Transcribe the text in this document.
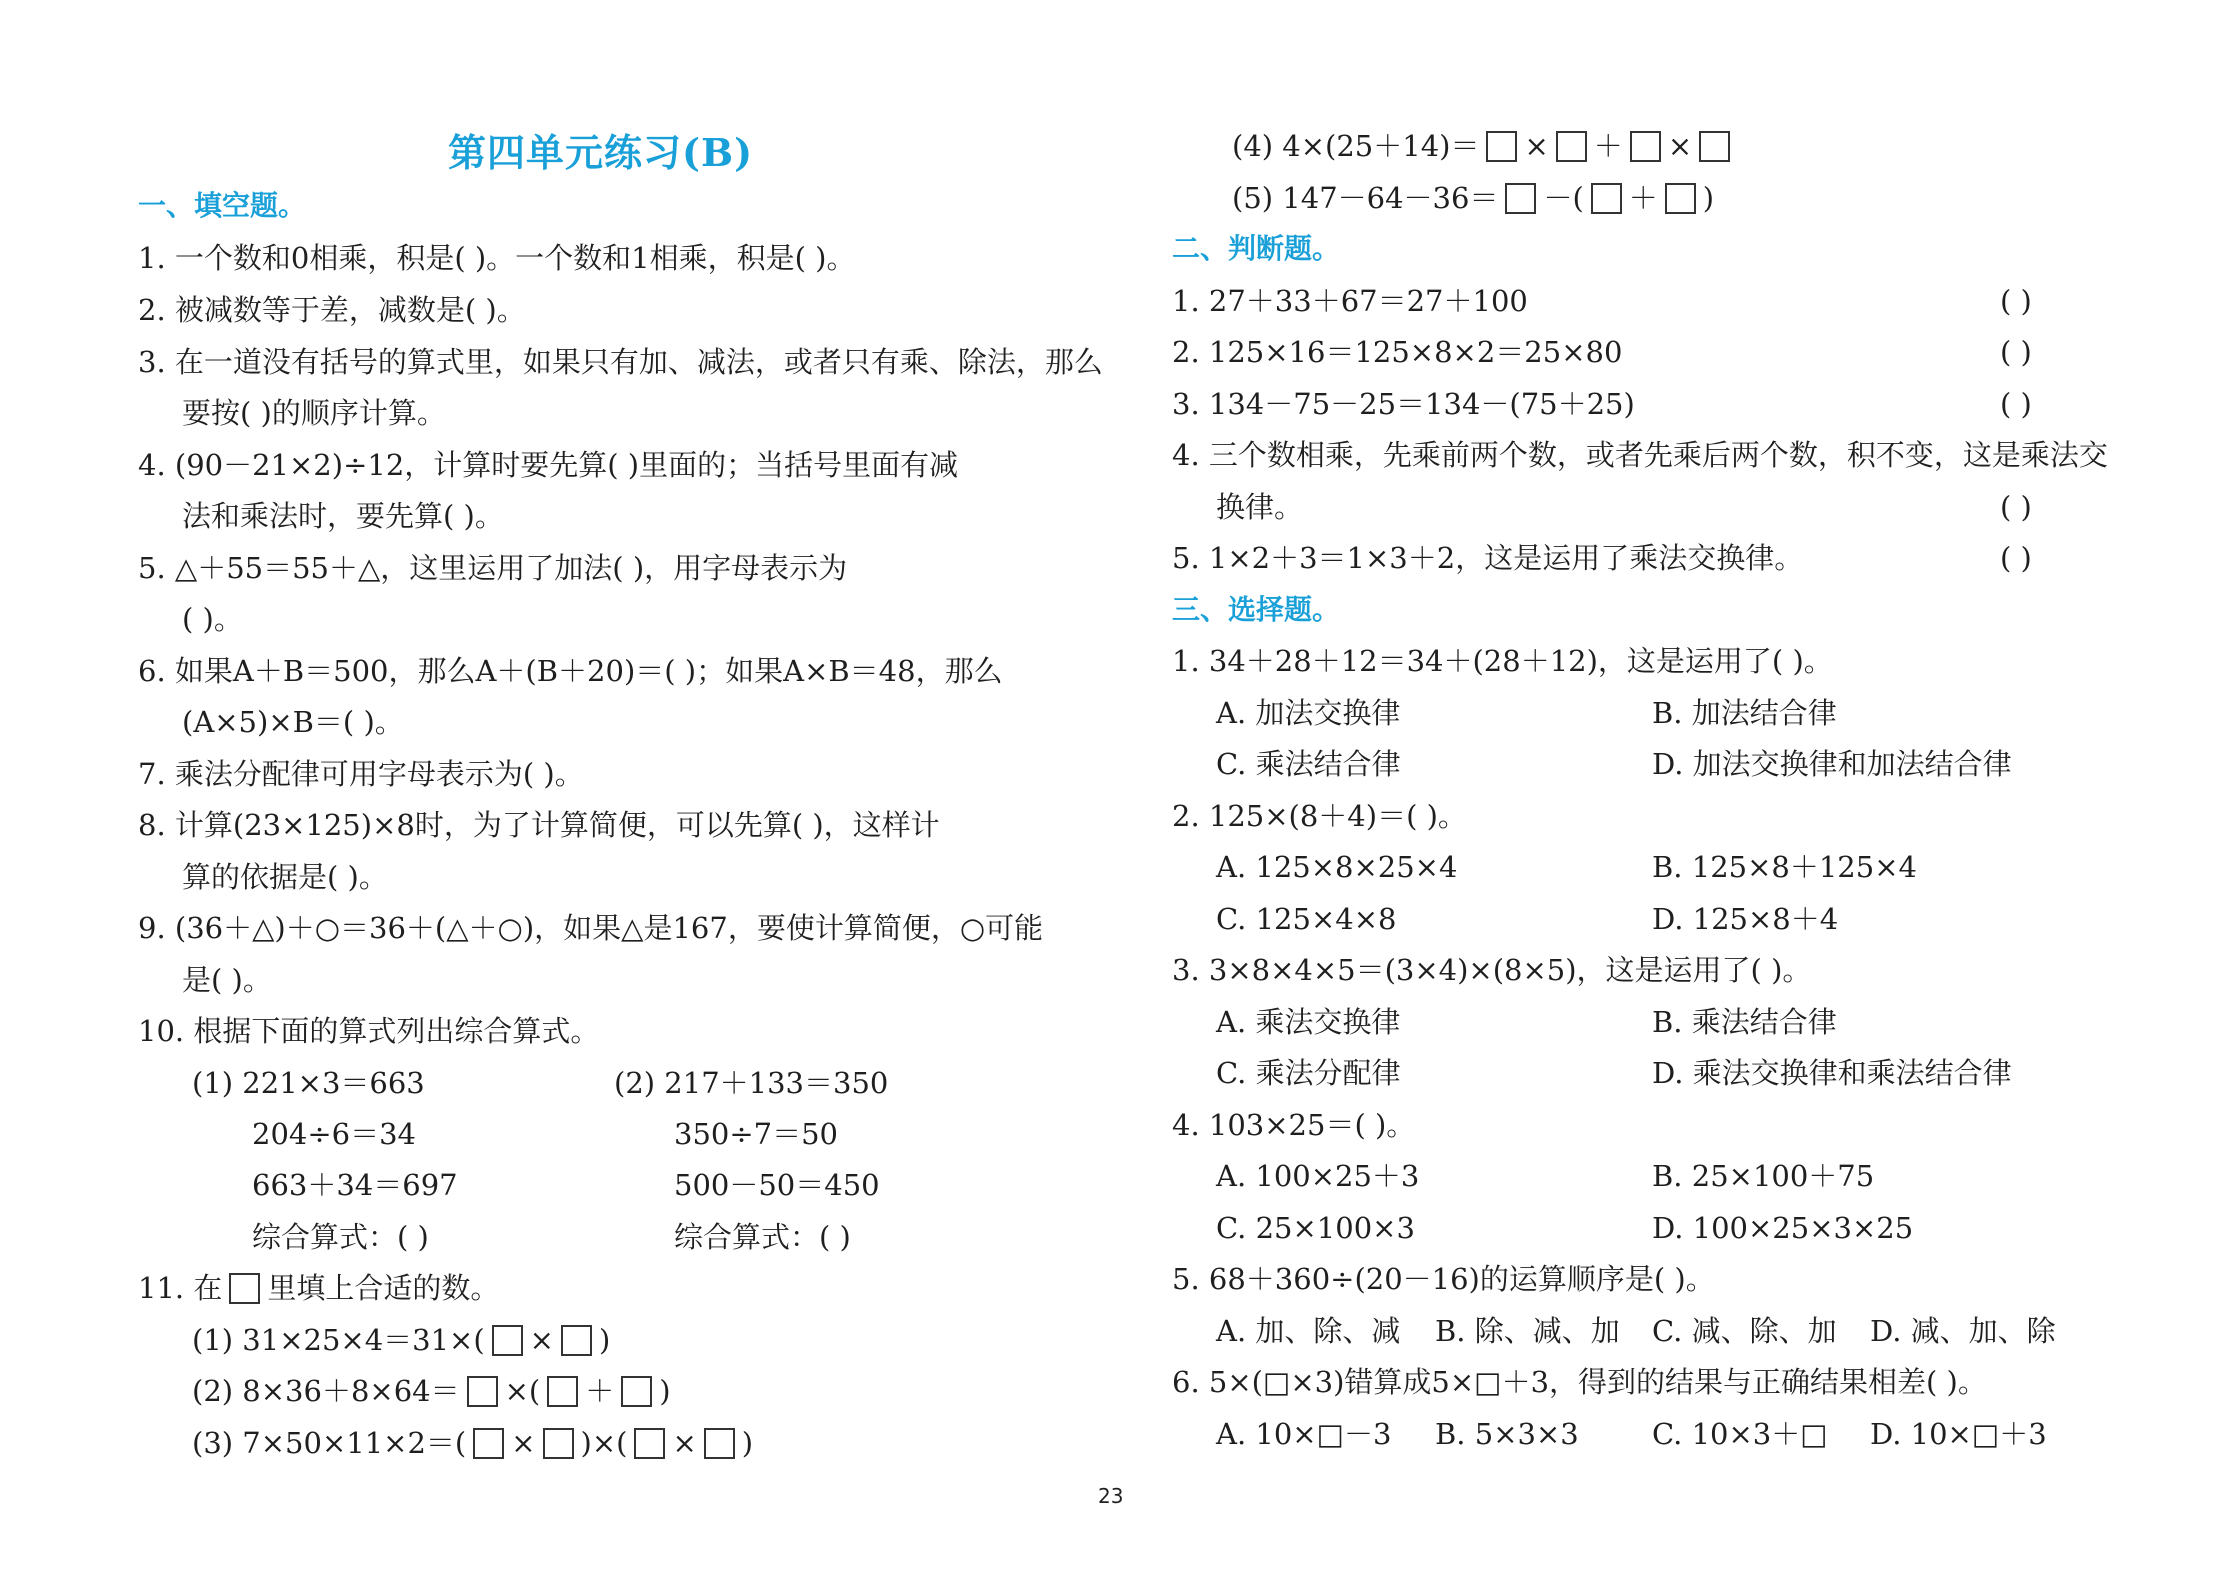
第四单元练习(B)
一、填空题。
1. 一个数和0相乘，积是( )。一个数和1相乘，积是( )。
2. 被减数等于差，减数是( )。
3. 在一道没有括号的算式里，如果只有加、减法，或者只有乘、除法，那么
要按( )的顺序计算。
4. (90－21×2)÷12，计算时要先算( )里面的；当括号里面有减
法和乘法时，要先算( )。
5. △＋55＝55＋△，这里运用了加法( )，用字母表示为
( )。
6. 如果A＋B＝500，那么A＋(B＋20)＝( )；如果A×B＝48，那么
(A×5)×B＝( )。
7. 乘法分配律可用字母表示为( )。
8. 计算(23×125)×8时，为了计算简便，可以先算( )，这样计
算的依据是( )。
9. (36＋△)＋○＝36＋(△＋○)，如果△是167，要使计算简便，○可能
是( )。
10. 根据下面的算式列出综合算式。
(1) 221×3＝663
204÷6＝34
663＋34＝697
综合算式：( )
(2) 217＋133＝350
350÷7＝50
500－50＝450
综合算式：( )
11. 在 里填上合适的数。
(1) 31×25×4＝31×( × )
(2) 8×36＋8×64＝ ×( ＋ )
(3) 7×50×11×2＝( × )×( × )
(4) 4×(25＋14)＝ × ＋ ×
(5) 147－64－36＝ －( ＋ )
二、判断题。
1. 27＋33＋67＝27＋100	( )
2. 125×16＝125×8×2＝25×80	( )
3. 134－75－25＝134－(75＋25)	( )
4. 三个数相乘，先乘前两个数，或者先乘后两个数，积不变，这是乘法交
换律。	( )
5. 1×2＋3＝1×3＋2，这是运用了乘法交换律。	( )
三、选择题。
1. 34＋28＋12＝34＋(28＋12)，这是运用了( )。
A. 加法交换律	B. 加法结合律
C. 乘法结合律	D. 加法交换律和加法结合律
2. 125×(8＋4)＝( )。
A. 125×8×25×4	B. 125×8＋125×4
C. 125×4×8	D. 125×8＋4
3. 3×8×4×5＝(3×4)×(8×5)，这是运用了( )。
A. 乘法交换律	B. 乘法结合律
C. 乘法分配律	D. 乘法交换律和乘法结合律
4. 103×25＝( )。
A. 100×25＋3	B. 25×100＋75
C. 25×100×3	D. 100×25×3×25
5. 68＋360÷(20－16)的运算顺序是( )。
A. 加、除、减 B. 除、减、加 C. 减、除、加 D. 减、加、除
6. 5×(□×3)错算成5×□＋3，得到的结果与正确结果相差( )。
A. 10×□－3 B. 5×3×3	C. 10×3＋□ D. 10×□＋3
23
